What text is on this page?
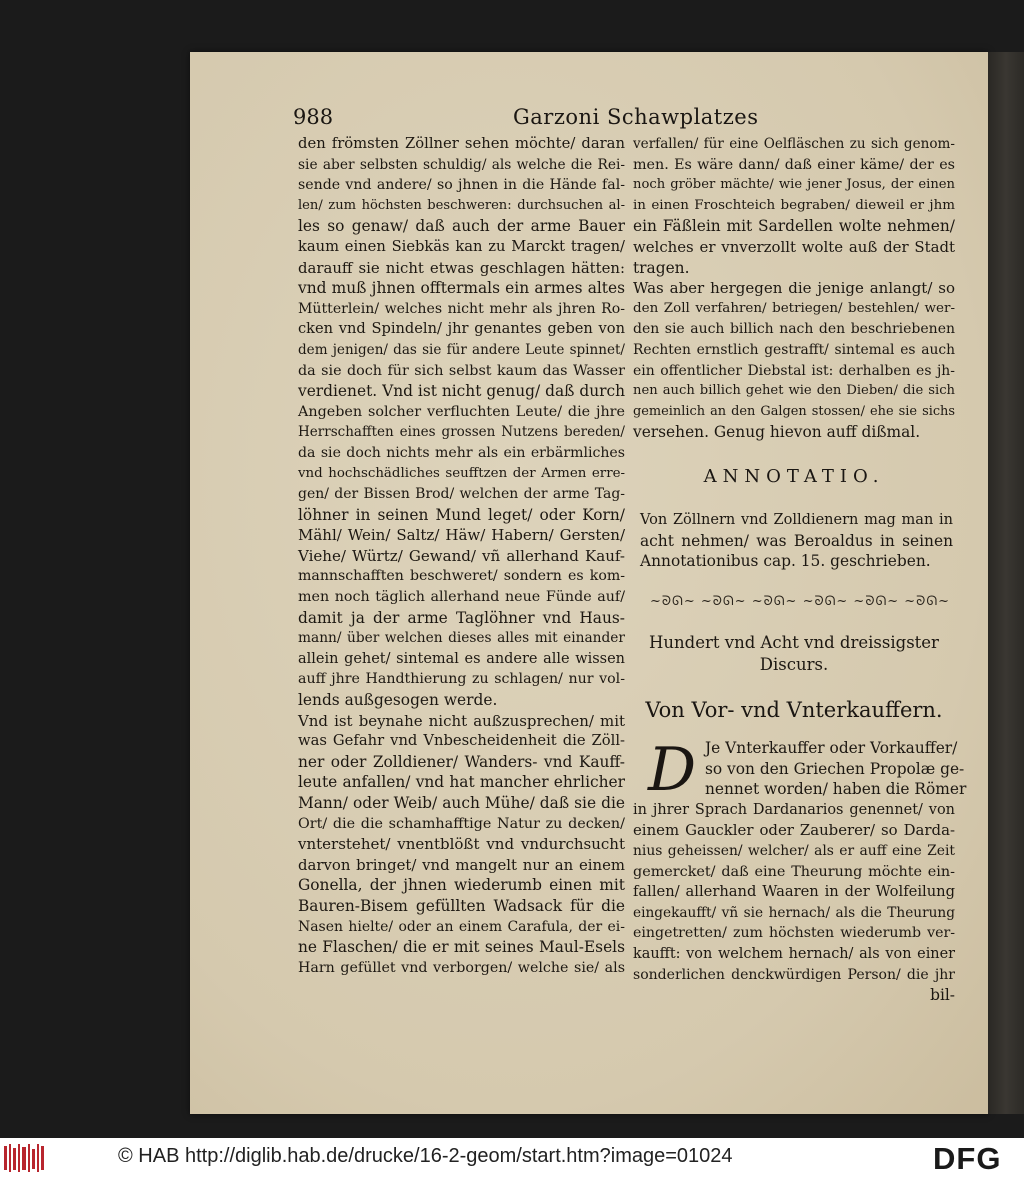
988	Garzoni Schawplatzes
den frömsten Zöllner sehen möchte/ daran
sie aber selbsten schuldig/ als welche die Rei-
sende vnd andere/ so jhnen in die Hände fal-
len/ zum höchsten beschweren: durchsuchen al-
les so genaw/ daß auch der arme Bauer
kaum einen Siebkäs kan zu Marckt tragen/
darauff sie nicht etwas geschlagen hätten:
vnd muß jhnen offtermals ein armes altes
Mütterlein/ welches nicht mehr als jhren Ro-
cken vnd Spindeln/ jhr genantes geben von
dem jenigen/ das sie für andere Leute spinnet/
da sie doch für sich selbst kaum das Wasser
verdienet. Vnd ist nicht genug/ daß durch
Angeben solcher verfluchten Leute/ die jhre
Herrschafften eines grossen Nutzens bereden/
da sie doch nichts mehr als ein erbärmliches
vnd hochschädliches seufftzen der Armen erre-
gen/ der Bissen Brod/ welchen der arme Tag-
löhner in seinen Mund leget/ oder Korn/
Mähl/ Wein/ Saltz/ Häw/ Habern/ Gersten/
Viehe/ Würtz/ Gewand/ vñ allerhand Kauf-
mannschafften beschweret/ sondern es kom-
men noch täglich allerhand neue Fünde auf/
damit ja der arme Taglöhner vnd Haus-
mann/ über welchen dieses alles mit einander
allein gehet/ sintemal es andere alle wissen
auff jhre Handthierung zu schlagen/ nur vol-
lends außgesogen werde.
Vnd ist beynahe nicht außzusprechen/ mit
was Gefahr vnd Vnbescheidenheit die Zöll-
ner oder Zolldiener/ Wanders- vnd Kauff-
leute anfallen/ vnd hat mancher ehrlicher
Mann/ oder Weib/ auch Mühe/ daß sie die
Ort/ die die schamhafftige Natur zu decken/
vnterstehet/ vnentblößt vnd vndurchsucht
darvon bringet/ vnd mangelt nur an einem
Gonella, der jhnen wiederumb einen mit
Bauren-Bisem gefüllten Wadsack für die
Nasen hielte/ oder an einem Carafula, der ei-
ne Flaschen/ die er mit seines Maul-Esels
Harn gefüllet vnd verborgen/ welche sie/ als
verfallen/ für eine Oelfläschen zu sich genom-
men. Es wäre dann/ daß einer käme/ der es
noch gröber mächte/ wie jener Josus, der einen
in einen Froschteich begraben/ dieweil er jhm
ein Fäßlein mit Sardellen wolte nehmen/
welches er vnverzollt wolte auß der Stadt
tragen.
Was aber hergegen die jenige anlangt/ so
den Zoll verfahren/ betriegen/ bestehlen/ wer-
den sie auch billich nach den beschriebenen
Rechten ernstlich gestrafft/ sintemal es auch
ein offentlicher Diebstal ist: derhalben es jh-
nen auch billich gehet wie den Dieben/ die sich
gemeinlich an den Galgen stossen/ ehe sie sichs
versehen. Genug hievon auff dißmal.
ANNOTATIO.
Von Zöllnern vnd Zolldienern mag man in
acht nehmen/ was Beroaldus in seinen
Annotationibus cap. 15. geschrieben.
~ᘐᘏ~ ~ᘐᘏ~ ~ᘐᘏ~ ~ᘐᘏ~ ~ᘐᘏ~ ~ᘐᘏ~
Hundert vnd Acht vnd dreissigster
Discurs.
Von Vor- vnd Vnterkauffern.
D Je Vnterkauffer oder Vorkauffer/
so von den Griechen Propolæ ge-
nennet worden/ haben die Römer
in jhrer Sprach Dardanarios genennet/ von
einem Gauckler oder Zauberer/ so Darda-
nius geheissen/ welcher/ als er auff eine Zeit
gemercket/ daß eine Theurung möchte ein-
fallen/ allerhand Waaren in der Wolfeilung
eingekaufft/ vñ sie hernach/ als die Theurung
eingetretten/ zum höchsten wiederumb ver-
kaufft: von welchem hernach/ als von einer
sonderlichen denckwürdigen Person/ die jhr
bil-
© HAB http://diglib.hab.de/drucke/16-2-geom/start.htm?image=01024	DFG
